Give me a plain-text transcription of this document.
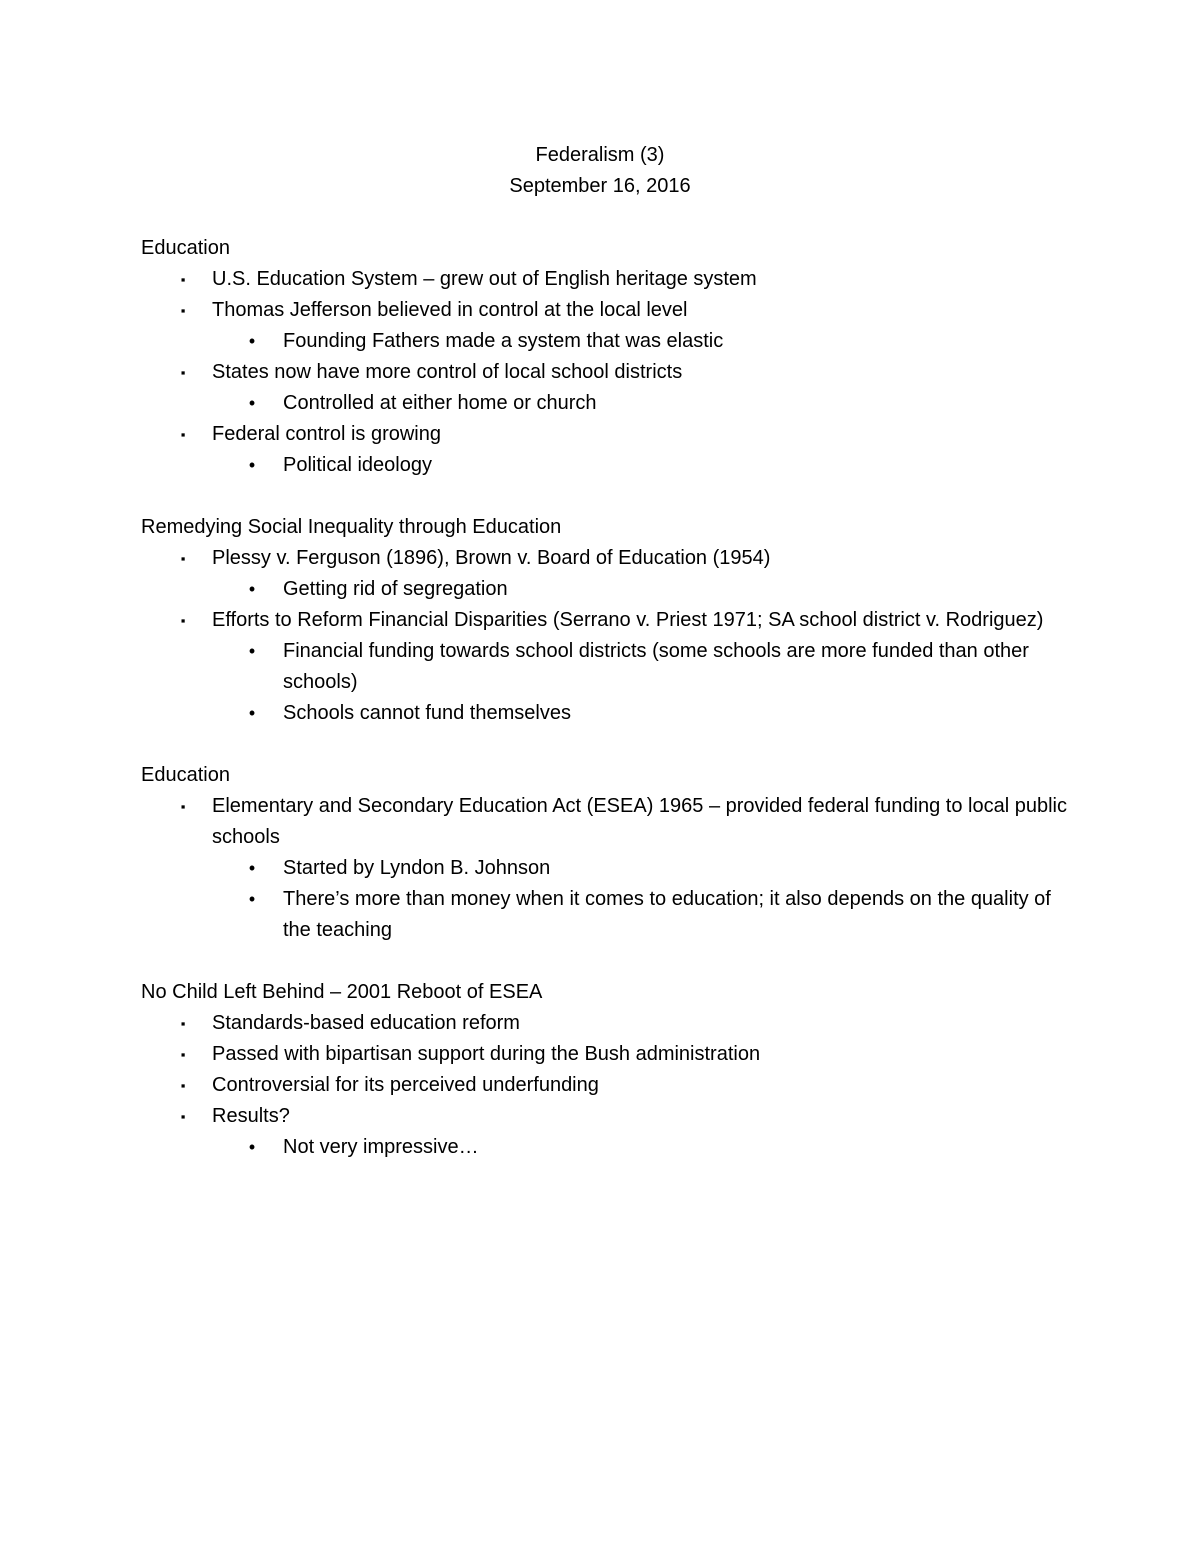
Federalism (3)
September 16, 2016
Education
▪	U.S. Education System – grew out of English heritage system
▪	Thomas Jefferson believed in control at the local level
•	Founding Fathers made a system that was elastic
▪	States now have more control of local school districts
•	Controlled at either home or church
▪	Federal control is growing
•	Political ideology
Remedying Social Inequality through Education
▪	Plessy v. Ferguson (1896), Brown v. Board of Education (1954)
•	Getting rid of segregation
▪	Efforts to Reform Financial Disparities (Serrano v. Priest 1971; SA school district v. Rodriguez)
•	Financial funding towards school districts (some schools are more funded than other schools)
•	Schools cannot fund themselves
Education
▪	Elementary and Secondary Education Act (ESEA) 1965 – provided federal funding to local public schools
•	Started by Lyndon B. Johnson
•	There’s more than money when it comes to education; it also depends on the quality of the teaching
No Child Left Behind – 2001 Reboot of ESEA
▪	Standards-based education reform
▪	Passed with bipartisan support during the Bush administration
▪	Controversial for its perceived underfunding
▪	Results?
•	Not very impressive…
